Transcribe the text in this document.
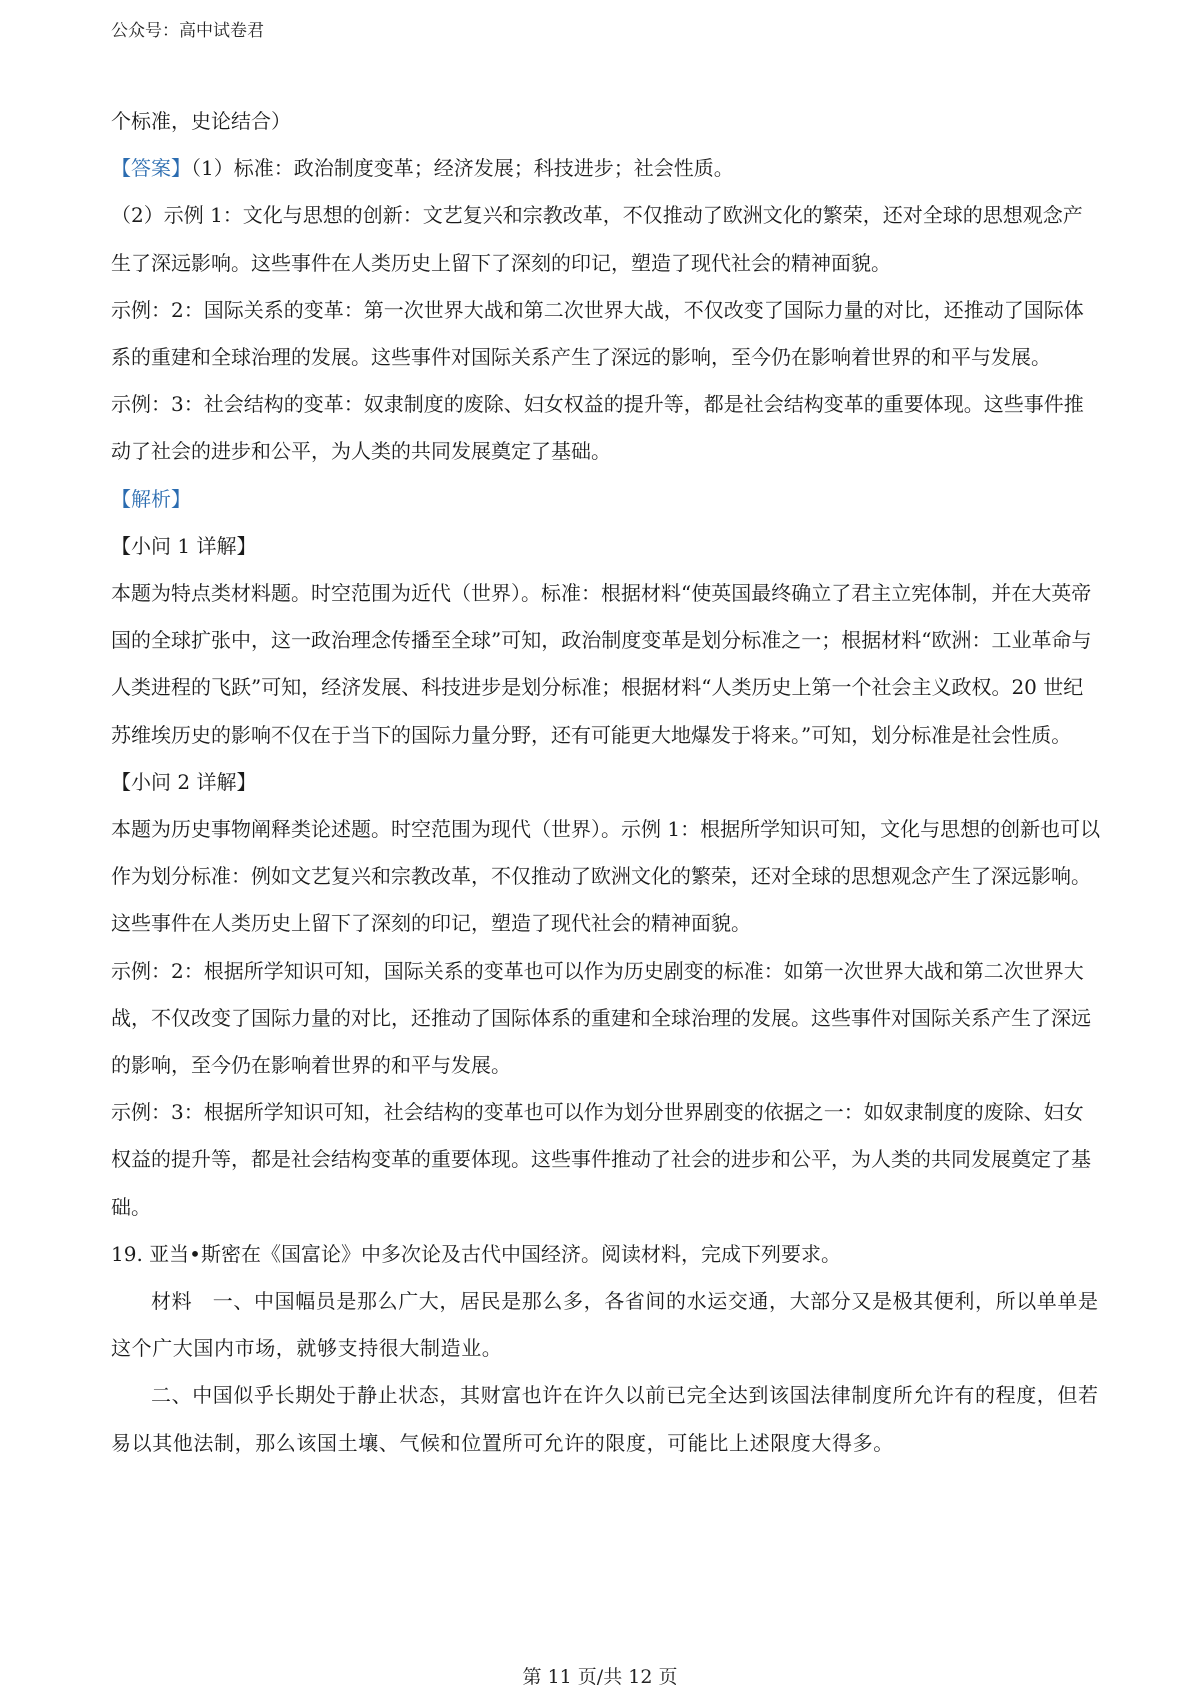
公众号：高中试卷君

个标准，史论结合）

【答案】（1）标准：政治制度变革；经济发展；科技进步；社会性质。

（2）示例 1：文化与思想的创新：文艺复兴和宗教改革，不仅推动了欧洲文化的繁荣，还对全球的思想观念产生了深远影响。这些事件在人类历史上留下了深刻的印记，塑造了现代社会的精神面貌。

示例：2：国际关系的变革：第一次世界大战和第二次世界大战，不仅改变了国际力量的对比，还推动了国际体系的重建和全球治理的发展。这些事件对国际关系产生了深远的影响，至今仍在影响着世界的和平与发展。

示例：3：社会结构的变革：奴隶制度的废除、妇女权益的提升等，都是社会结构变革的重要体现。这些事件推动了社会的进步和公平，为人类的共同发展奠定了基础。

【解析】

【小问 1 详解】

本题为特点类材料题。时空范围为近代（世界）。标准：根据材料“使英国最终确立了君主立宪体制，并在大英帝国的全球扩张中，这一政治理念传播至全球”可知，政治制度变革是划分标准之一；根据材料“欧洲：工业革命与人类进程的飞跃”可知，经济发展、科技进步是划分标准；根据材料“人类历史上第一个社会主义政权。20 世纪苏维埃历史的影响不仅在于当下的国际力量分野，还有可能更大地爆发于将来。”可知，划分标准是社会性质。

【小问 2 详解】

本题为历史事物阐释类论述题。时空范围为现代（世界）。示例 1：根据所学知识可知，文化与思想的创新也可以作为划分标准：例如文艺复兴和宗教改革，不仅推动了欧洲文化的繁荣，还对全球的思想观念产生了深远影响。这些事件在人类历史上留下了深刻的印记，塑造了现代社会的精神面貌。

示例：2：根据所学知识可知，国际关系的变革也可以作为历史剧变的标准：如第一次世界大战和第二次世界大战，不仅改变了国际力量的对比，还推动了国际体系的重建和全球治理的发展。这些事件对国际关系产生了深远的影响，至今仍在影响着世界的和平与发展。

示例：3：根据所学知识可知，社会结构的变革也可以作为划分世界剧变的依据之一：如奴隶制度的废除、妇女权益的提升等，都是社会结构变革的重要体现。这些事件推动了社会的进步和公平，为人类的共同发展奠定了基础。

19. 亚当•斯密在《国富论》中多次论及古代中国经济。阅读材料，完成下列要求。

材料　一、中国幅员是那么广大，居民是那么多，各省间的水运交通，大部分又是极其便利，所以单单是这个广大国内市场，就够支持很大制造业。

二、中国似乎长期处于静止状态，其财富也许在许久以前已完全达到该国法律制度所允许有的程度，但若易以其他法制，那么该国土壤、气候和位置所可允许的限度，可能比上述限度大得多。

第 11 页/共 12 页
